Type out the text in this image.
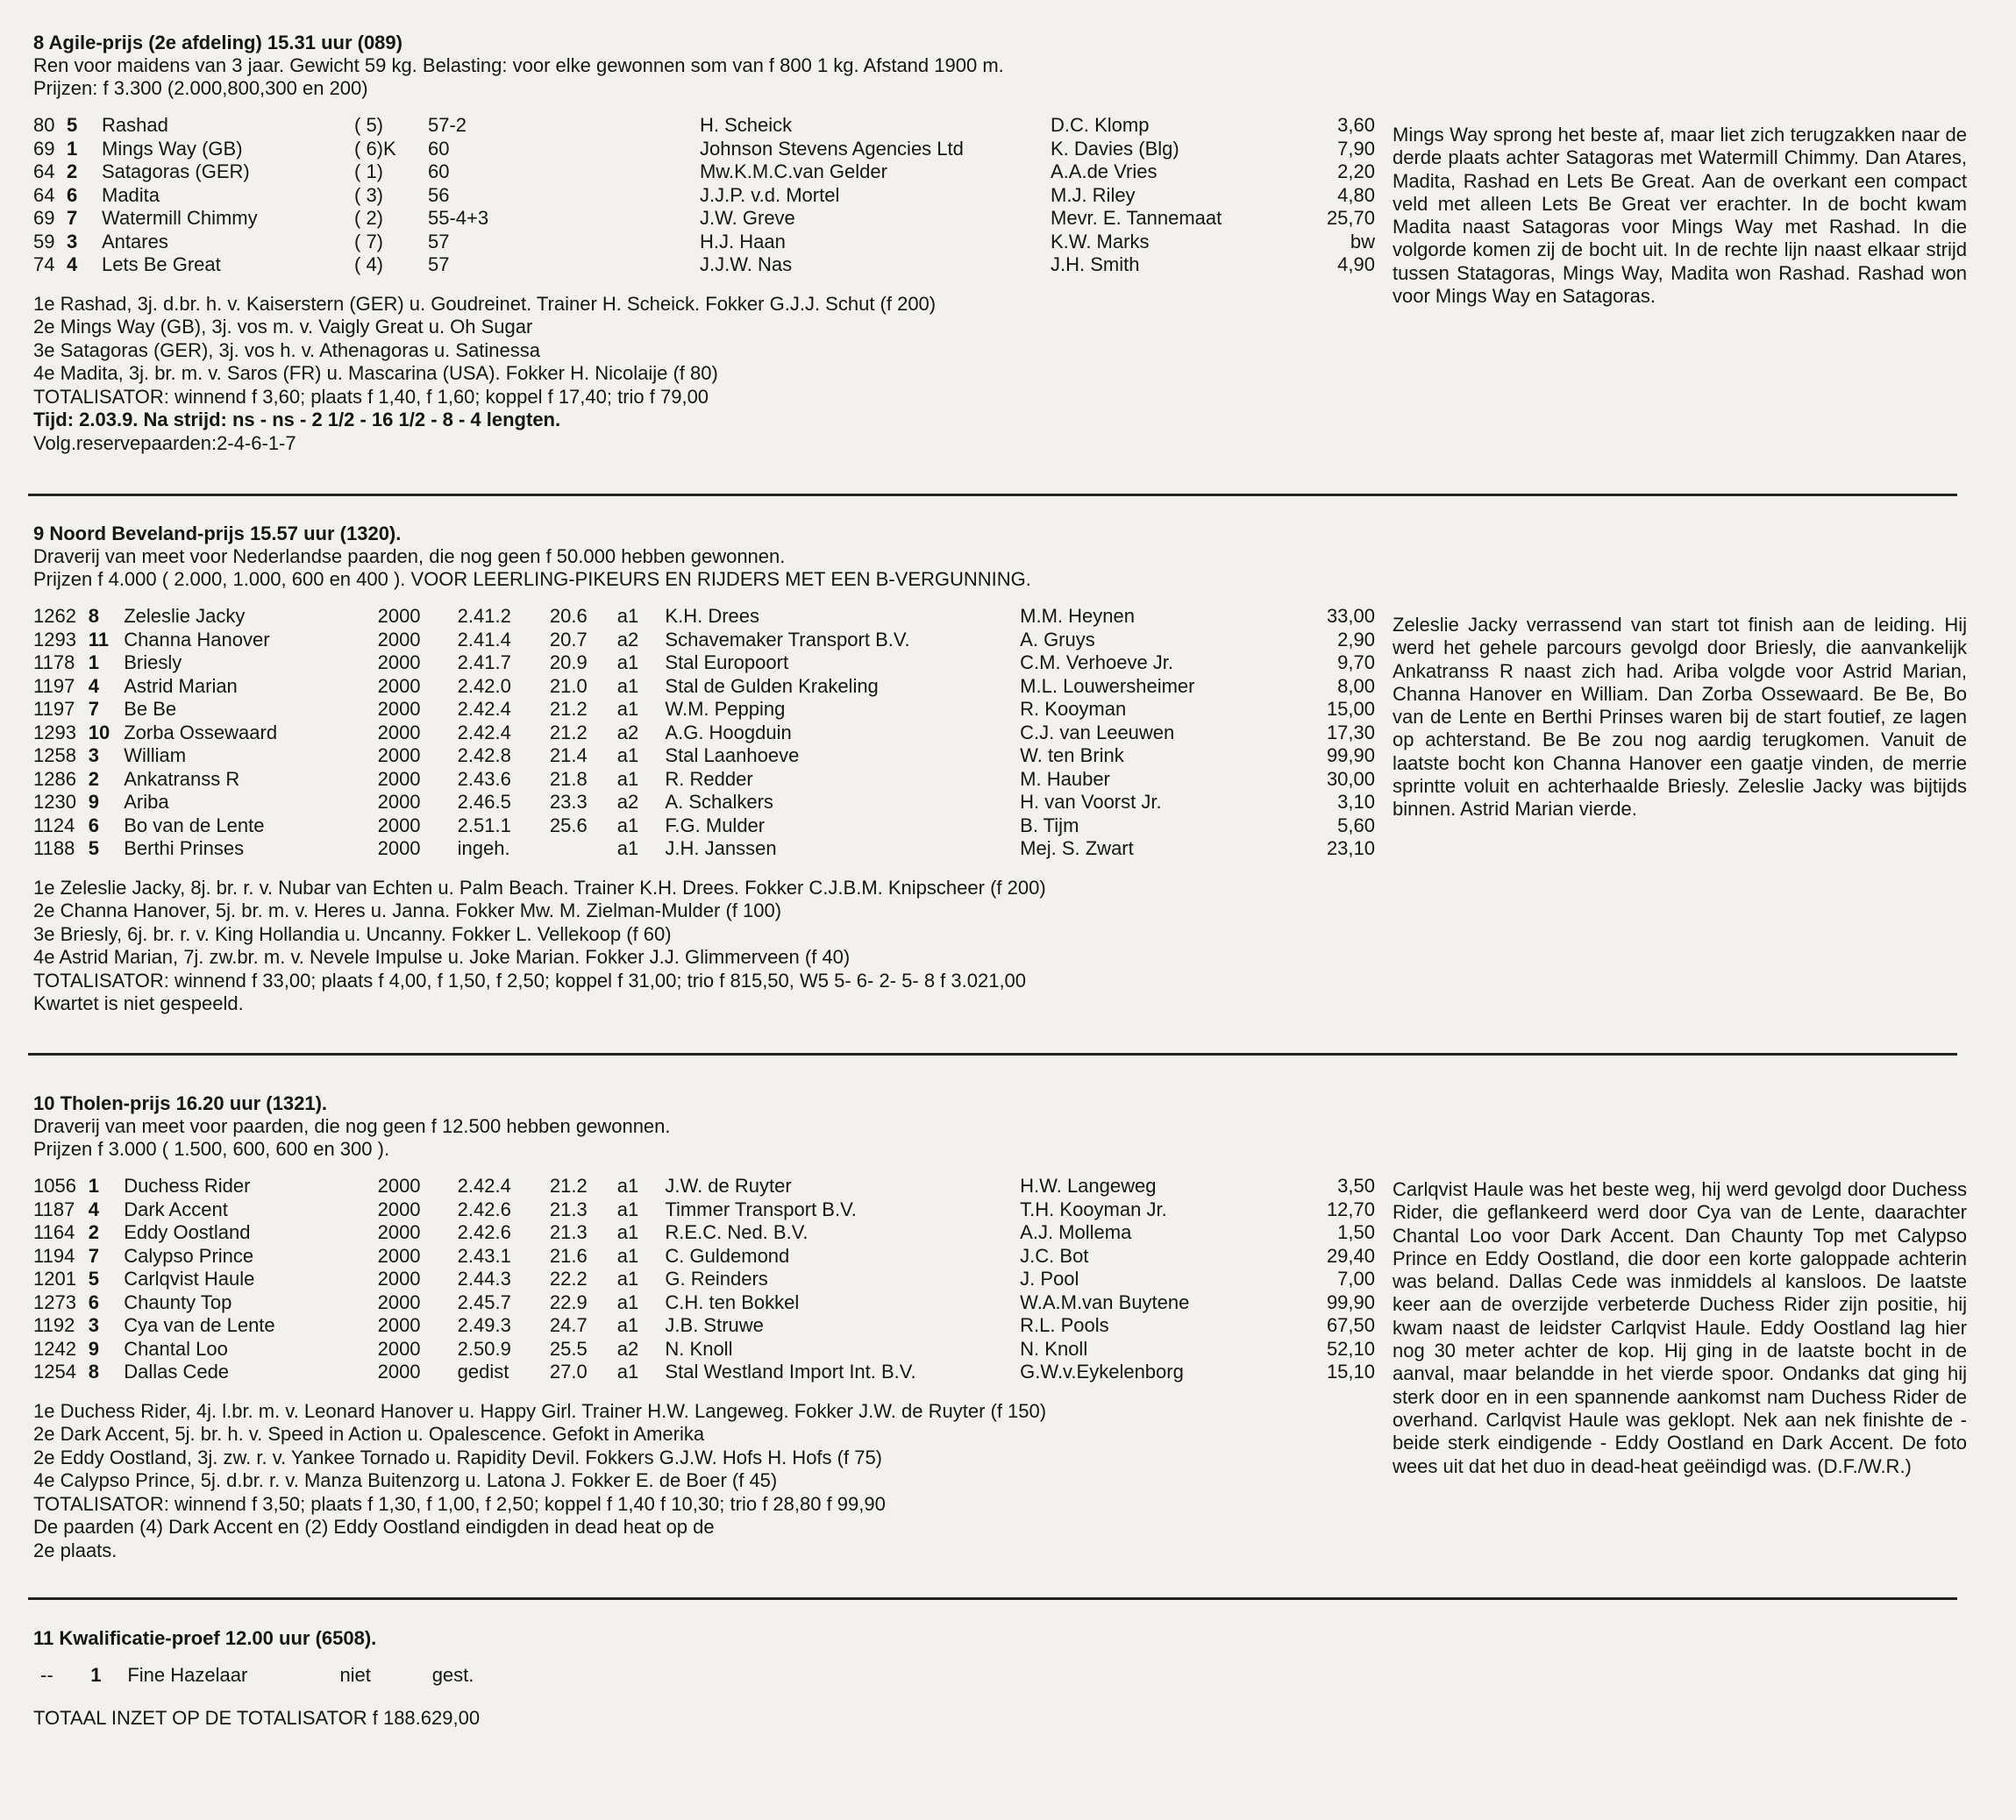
8 Agile-prijs (2e afdeling) 15.31 uur (089)
Ren voor maidens van 3 jaar. Gewicht 59 kg. Belasting: voor elke gewonnen som van f 800 1 kg. Afstand 1900 m.
Prijzen: f 3.300 (2.000,800,300 en 200)
80	5	Rashad	( 5)	57-2	H. Scheick	D.C. Klomp	3,60
69	1	Mings Way (GB)	( 6)K	60	Johnson Stevens Agencies Ltd	K. Davies (Blg)	7,90
64	2	Satagoras (GER)	( 1)	60	Mw.K.M.C.van Gelder	A.A.de Vries	2,20
64	6	Madita	( 3)	56	J.J.P. v.d. Mortel	M.J. Riley	4,80
69	7	Watermill Chimmy	( 2)	55-4+3	J.W. Greve	Mevr. E. Tannemaat	25,70
59	3	Antares	( 7)	57	H.J. Haan	K.W. Marks	bw
74	4	Lets Be Great	( 4)	57	J.J.W. Nas	J.H. Smith	4,90
Mings Way sprong het beste af, maar liet zich terugzakken naar de derde plaats achter Satagoras met Watermill Chimmy. Dan Atares, Madita, Rashad en Lets Be Great. Aan de overkant een compact veld met alleen Lets Be Great ver erachter. In de bocht kwam Madita naast Satagoras voor Mings Way met Rashad. In die volgorde komen zij de bocht uit. In de rechte lijn naast elkaar strijd tussen Statagoras, Mings Way, Madita won Rashad. Rashad won voor Mings Way en Satagoras.
1e Rashad, 3j. d.br. h. v. Kaiserstern (GER) u. Goudreinet. Trainer H. Scheick. Fokker G.J.J. Schut (f 200)
2e Mings Way (GB), 3j. vos m. v. Vaigly Great u. Oh Sugar
3e Satagoras (GER), 3j. vos h. v. Athenagoras u. Satinessa
4e Madita, 3j. br. m. v. Saros (FR) u. Mascarina (USA). Fokker H. Nicolaije (f 80)
TOTALISATOR: winnend f 3,60; plaats f 1,40, f 1,60; koppel f 17,40; trio f 79,00
Tijd: 2.03.9. Na strijd: ns - ns - 2 1/2 - 16 1/2 - 8 - 4 lengten.
Volg.reservepaarden:2-4-6-1-7
9 Noord Beveland-prijs 15.57 uur (1320).
Draverij van meet voor Nederlandse paarden, die nog geen f 50.000 hebben gewonnen.
Prijzen f 4.000 ( 2.000, 1.000, 600 en 400 ). VOOR LEERLING-PIKEURS EN RIJDERS MET EEN B-VERGUNNING.
1262	8	Zeleslie Jacky	2000	2.41.2	20.6	a1	K.H. Drees	M.M. Heynen	33,00
1293	11	Channa Hanover	2000	2.41.4	20.7	a2	Schavemaker Transport B.V.	A. Gruys	2,90
1178	1	Briesly	2000	2.41.7	20.9	a1	Stal Europoort	C.M. Verhoeve Jr.	9,70
1197	4	Astrid Marian	2000	2.42.0	21.0	a1	Stal de Gulden Krakeling	M.L. Louwersheimer	8,00
1197	7	Be Be	2000	2.42.4	21.2	a1	W.M. Pepping	R. Kooyman	15,00
1293	10	Zorba Ossewaard	2000	2.42.4	21.2	a2	A.G. Hoogduin	C.J. van Leeuwen	17,30
1258	3	William	2000	2.42.8	21.4	a1	Stal Laanhoeve	W. ten Brink	99,90
1286	2	Ankatranss R	2000	2.43.6	21.8	a1	R. Redder	M. Hauber	30,00
1230	9	Ariba	2000	2.46.5	23.3	a2	A. Schalkers	H. van Voorst Jr.	3,10
1124	6	Bo van de Lente	2000	2.51.1	25.6	a1	F.G. Mulder	B. Tijm	5,60
1188	5	Berthi Prinses	2000	ingeh.		a1	J.H. Janssen	Mej. S. Zwart	23,10
Zeleslie Jacky verrassend van start tot finish aan de leiding. Hij werd het gehele parcours gevolgd door Briesly, die aanvankelijk Ankatranss R naast zich had. Ariba volgde voor Astrid Marian, Channa Hanover en William. Dan Zorba Ossewaard. Be Be, Bo van de Lente en Berthi Prinses waren bij de start foutief, ze lagen op achterstand. Be Be zou nog aardig terugkomen. Vanuit de laatste bocht kon Channa Hanover een gaatje vinden, de merrie sprintte voluit en achterhaalde Briesly. Zeleslie Jacky was bijtijds binnen. Astrid Marian vierde.
1e Zeleslie Jacky, 8j. br. r. v. Nubar van Echten u. Palm Beach. Trainer K.H. Drees. Fokker C.J.B.M. Knipscheer (f 200)
2e Channa Hanover, 5j. br. m. v. Heres u. Janna. Fokker Mw. M. Zielman-Mulder (f 100)
3e Briesly, 6j. br. r. v. King Hollandia u. Uncanny. Fokker L. Vellekoop (f 60)
4e Astrid Marian, 7j. zw.br. m. v. Nevele Impulse u. Joke Marian. Fokker J.J. Glimmerveen (f 40)
TOTALISATOR: winnend f 33,00; plaats f 4,00, f 1,50, f 2,50; koppel f 31,00; trio f 815,50, W5 5- 6- 2- 5- 8 f 3.021,00
Kwartet is niet gespeeld.
10 Tholen-prijs 16.20 uur (1321).
Draverij van meet voor paarden, die nog geen f 12.500 hebben gewonnen.
Prijzen f 3.000 ( 1.500, 600, 600 en 300 ).
1056	1	Duchess Rider	2000	2.42.4	21.2	a1	J.W. de Ruyter	H.W. Langeweg	3,50
1187	4	Dark Accent	2000	2.42.6	21.3	a1	Timmer Transport B.V.	T.H. Kooyman Jr.	12,70
1164	2	Eddy Oostland	2000	2.42.6	21.3	a1	R.E.C. Ned. B.V.	A.J. Mollema	1,50
1194	7	Calypso Prince	2000	2.43.1	21.6	a1	C. Guldemond	J.C. Bot	29,40
1201	5	Carlqvist Haule	2000	2.44.3	22.2	a1	G. Reinders	J. Pool	7,00
1273	6	Chaunty Top	2000	2.45.7	22.9	a1	C.H. ten Bokkel	W.A.M.van Buytene	99,90
1192	3	Cya van de Lente	2000	2.49.3	24.7	a1	J.B. Struwe	R.L. Pools	67,50
1242	9	Chantal Loo	2000	2.50.9	25.5	a2	N. Knoll	N. Knoll	52,10
1254	8	Dallas Cede	2000	gedist	27.0	a1	Stal Westland Import Int. B.V.	G.W.v.Eykelenborg	15,10
Carlqvist Haule was het beste weg, hij werd gevolgd door Duchess Rider, die geflankeerd werd door Cya van de Lente, daarachter Chantal Loo voor Dark Accent. Dan Chaunty Top met Calypso Prince en Eddy Oostland, die door een korte galoppade achterin was beland. Dallas Cede was inmiddels al kansloos. De laatste keer aan de overzijde verbeterde Duchess Rider zijn positie, hij kwam naast de leidster Carlqvist Haule. Eddy Oostland lag hier nog 30 meter achter de kop. Hij ging in de laatste bocht in de aanval, maar belandde in het vierde spoor. Ondanks dat ging hij sterk door en in een spannende aankomst nam Duchess Rider de overhand. Carlqvist Haule was geklopt. Nek aan nek finishte de - beide sterk eindigende - Eddy Oostland en Dark Accent. De foto wees uit dat het duo in dead-heat geëindigd was. (D.F./W.R.)
1e Duchess Rider, 4j. l.br. m. v. Leonard Hanover u. Happy Girl. Trainer H.W. Langeweg. Fokker J.W. de Ruyter (f 150)
2e Dark Accent, 5j. br. h. v. Speed in Action u. Opalescence. Gefokt in Amerika
2e Eddy Oostland, 3j. zw. r. v. Yankee Tornado u. Rapidity Devil. Fokkers G.J.W. Hofs H. Hofs (f 75)
4e Calypso Prince, 5j. d.br. r. v. Manza Buitenzorg u. Latona J. Fokker E. de Boer (f 45)
TOTALISATOR: winnend f 3,50; plaats f 1,30, f 1,00, f 2,50; koppel f 1,40 f 10,30; trio f 28,80 f 99,90
De paarden (4) Dark Accent en (2) Eddy Oostland eindigden in dead heat op de
2e plaats.
11 Kwalificatie-proef 12.00 uur (6508).
--	1	Fine Hazelaar	niet	gest.
TOTAAL INZET OP DE TOTALISATOR f 188.629,00
